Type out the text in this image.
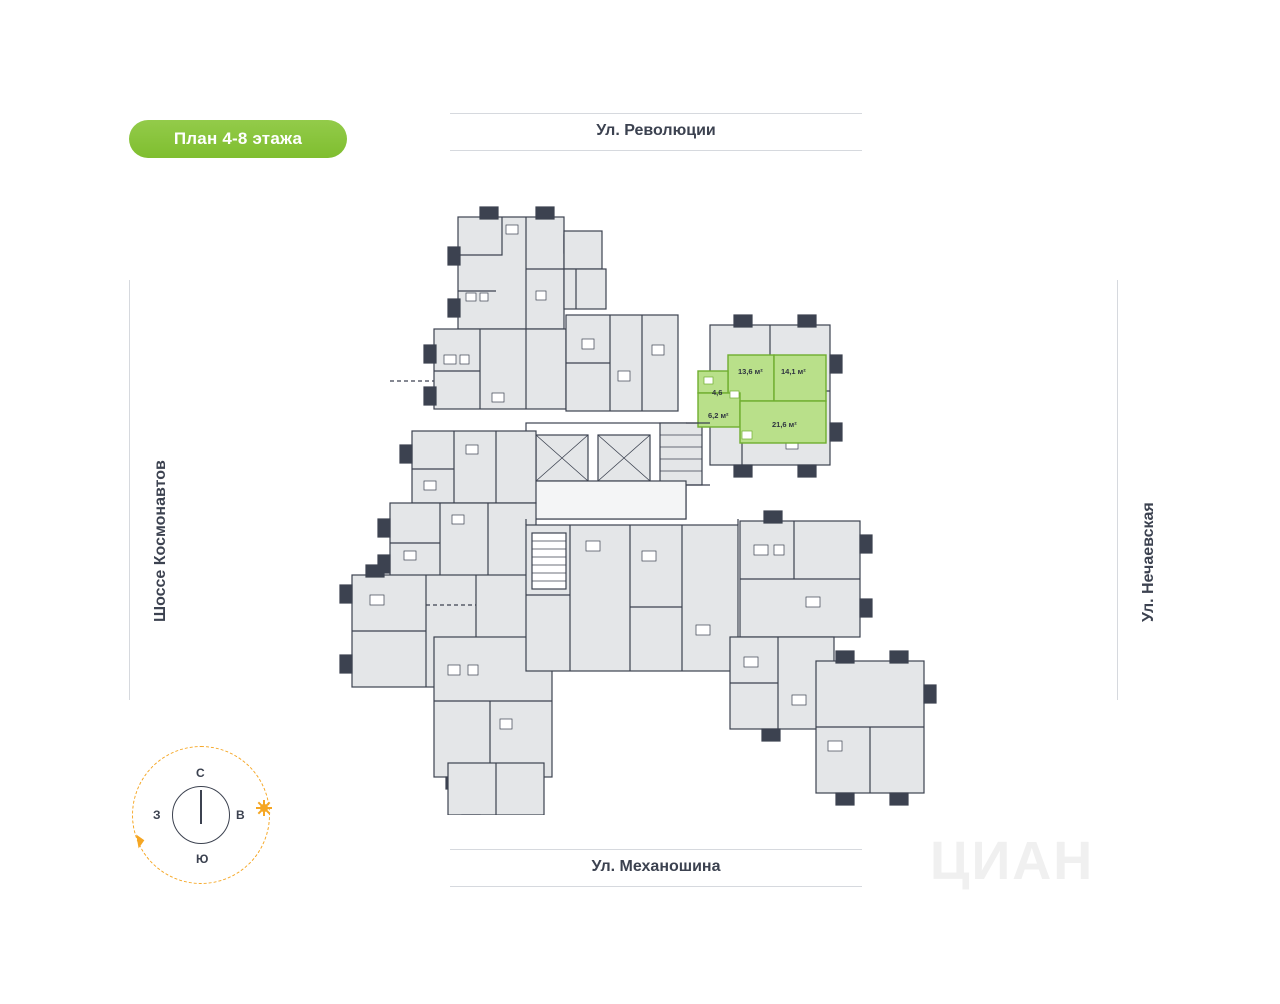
План 4-8 этажа	Ул. Революции
Ул. Механошина
Шоссе Космонавтов	Ул. Нечаевская
С
В
Ю
З
◥	ЦИАН
13,6 м² 14,1 м²
4,6
6,2 м²
21,6 м²
